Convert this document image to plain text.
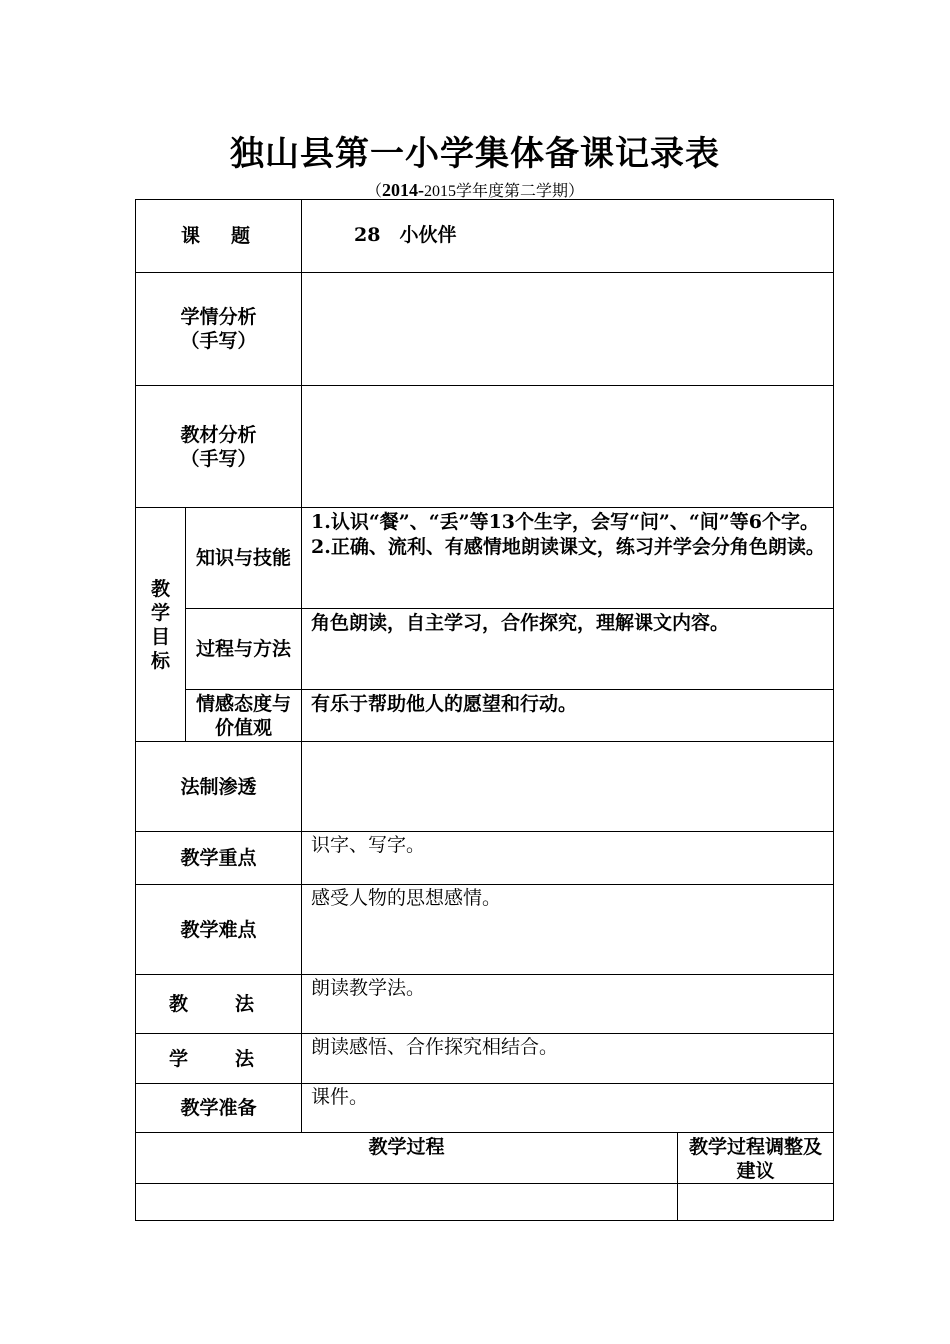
独山县第一小学集体备课记录表
（2014-2015学年度第二学期）
课　题		28　小伙伴	

学情分析
（手写）			

教材分析
（手写）			

教学目标	知识与技能	1.认识“餐”、“丢”等13个生字，会写“问”、“间”等6个字。
2.正确、流利、有感情地朗读课文，练习并学会分角色朗读。	

	过程与方法	角色朗读，自主学习，合作探究，理解课文内容。	
	情感态度与价值观	有乐于帮助他人的愿望和行动。	
法制渗透			
教学重点		识字、写字。	
教学难点		感受人物的思想感情。	
教　法		朗读教学法。	
学　法		朗读感悟、合作探究相结合。	
教学准备		课件。	
教学过程			教学过程调整及建议
